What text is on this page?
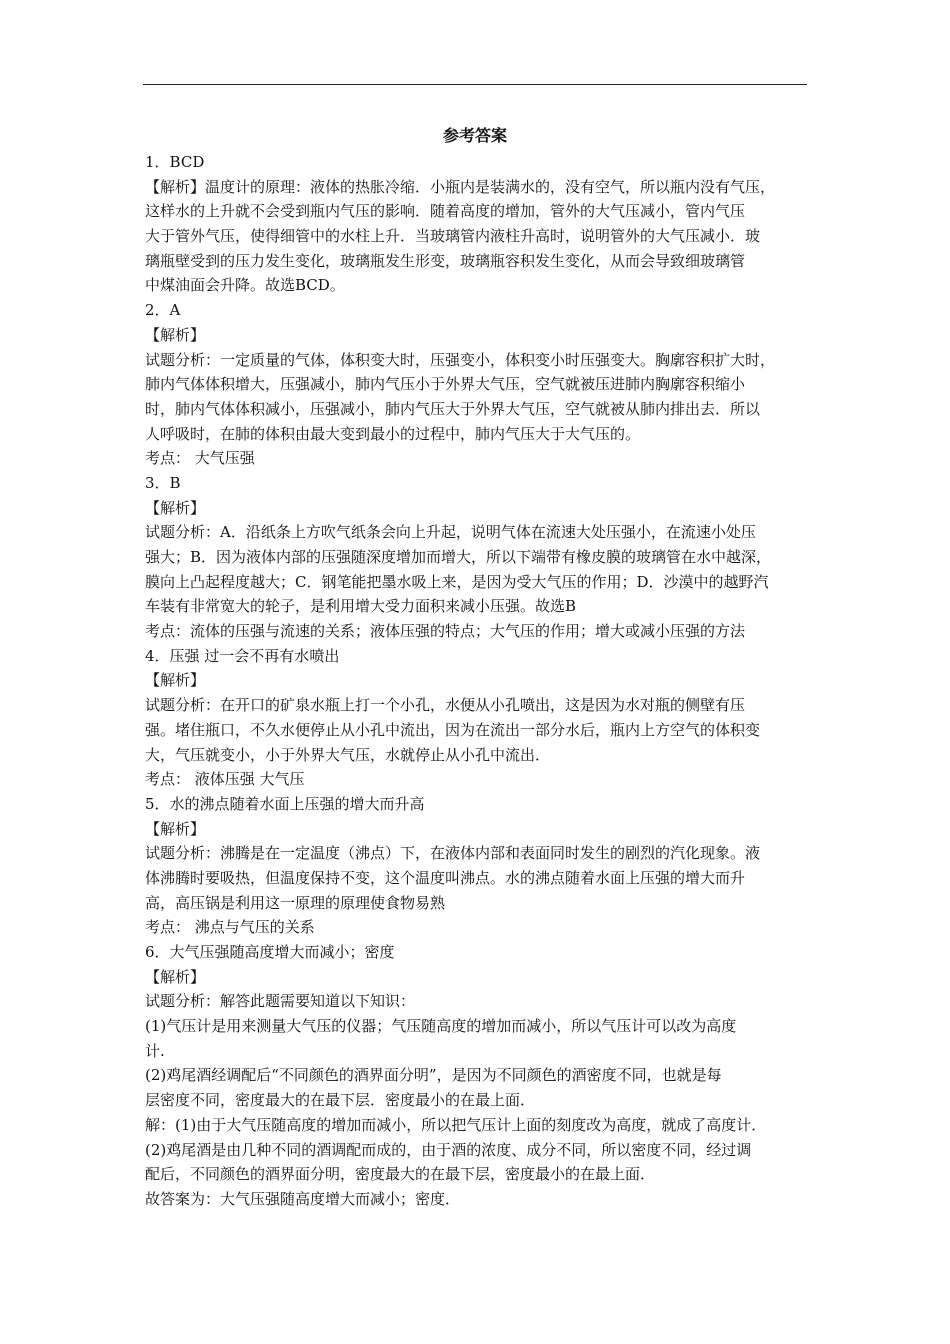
参考答案
1．BCD
【解析】温度计的原理：液体的热胀冷缩．小瓶内是装满水的，没有空气，所以瓶内没有气压，
这样水的上升就不会受到瓶内气压的影响．随着高度的增加，管外的大气压减小，管内气压
大于管外气压，使得细管中的水柱上升．当玻璃管内液柱升高时，说明管外的大气压减小．玻
璃瓶壁受到的压力发生变化，玻璃瓶发生形变，玻璃瓶容积发生变化，从而会导致细玻璃管
中煤油面会升降。故选BCD。
2．A
【解析】
试题分析：一定质量的气体，体积变大时，压强变小，体积变小时压强变大。胸廓容积扩大时，
肺内气体体积增大，压强减小，肺内气压小于外界大气压，空气就被压进肺内胸廓容积缩小
时，肺内气体体积减小，压强减小，肺内气压大于外界大气压，空气就被从肺内排出去．所以
人呼吸时，在肺的体积由最大变到最小的过程中，肺内气压大于大气压的。
考点： 大气压强
3．B
【解析】
试题分析：A．沿纸条上方吹气纸条会向上升起，说明气体在流速大处压强小，在流速小处压
强大；B．因为液体内部的压强随深度增加而增大，所以下端带有橡皮膜的玻璃管在水中越深，
膜向上凸起程度越大；C．钢笔能把墨水吸上来，是因为受大气压的作用；D．沙漠中的越野汽
车装有非常宽大的轮子，是利用增大受力面积来减小压强。故选B
考点：流体的压强与流速的关系；液体压强的特点；大气压的作用；增大或减小压强的方法
4．压强 过一会不再有水喷出
【解析】
试题分析：在开口的矿泉水瓶上打一个小孔，水便从小孔喷出，这是因为水对瓶的侧壁有压
强。堵住瓶口，不久水便停止从小孔中流出，因为在流出一部分水后，瓶内上方空气的体积变
大，气压就变小，小于外界大气压，水就停止从小孔中流出．
考点： 液体压强 大气压
5．水的沸点随着水面上压强的增大而升高
【解析】
试题分析：沸腾是在一定温度（沸点）下，在液体内部和表面同时发生的剧烈的汽化现象。液
体沸腾时要吸热，但温度保持不变，这个温度叫沸点。水的沸点随着水面上压强的增大而升
高，高压锅是利用这一原理的原理使食物易熟
考点： 沸点与气压的关系
6．大气压强随高度增大而减小；密度
【解析】
试题分析：解答此题需要知道以下知识：
(1)气压计是用来测量大气压的仪器；气压随高度的增加而减小，所以气压计可以改为高度
计.
(2)鸡尾酒经调配后“不同颜色的酒界面分明”，是因为不同颜色的酒密度不同，也就是每
层密度不同，密度最大的在最下层．密度最小的在最上面．
解：(1)由于大气压随高度的增加而减小，所以把气压计上面的刻度改为高度，就成了高度计．
(2)鸡尾酒是由几种不同的酒调配而成的，由于酒的浓度、成分不同，所以密度不同，经过调
配后，不同颜色的酒界面分明，密度最大的在最下层，密度最小的在最上面．
故答案为：大气压强随高度增大而减小；密度．
